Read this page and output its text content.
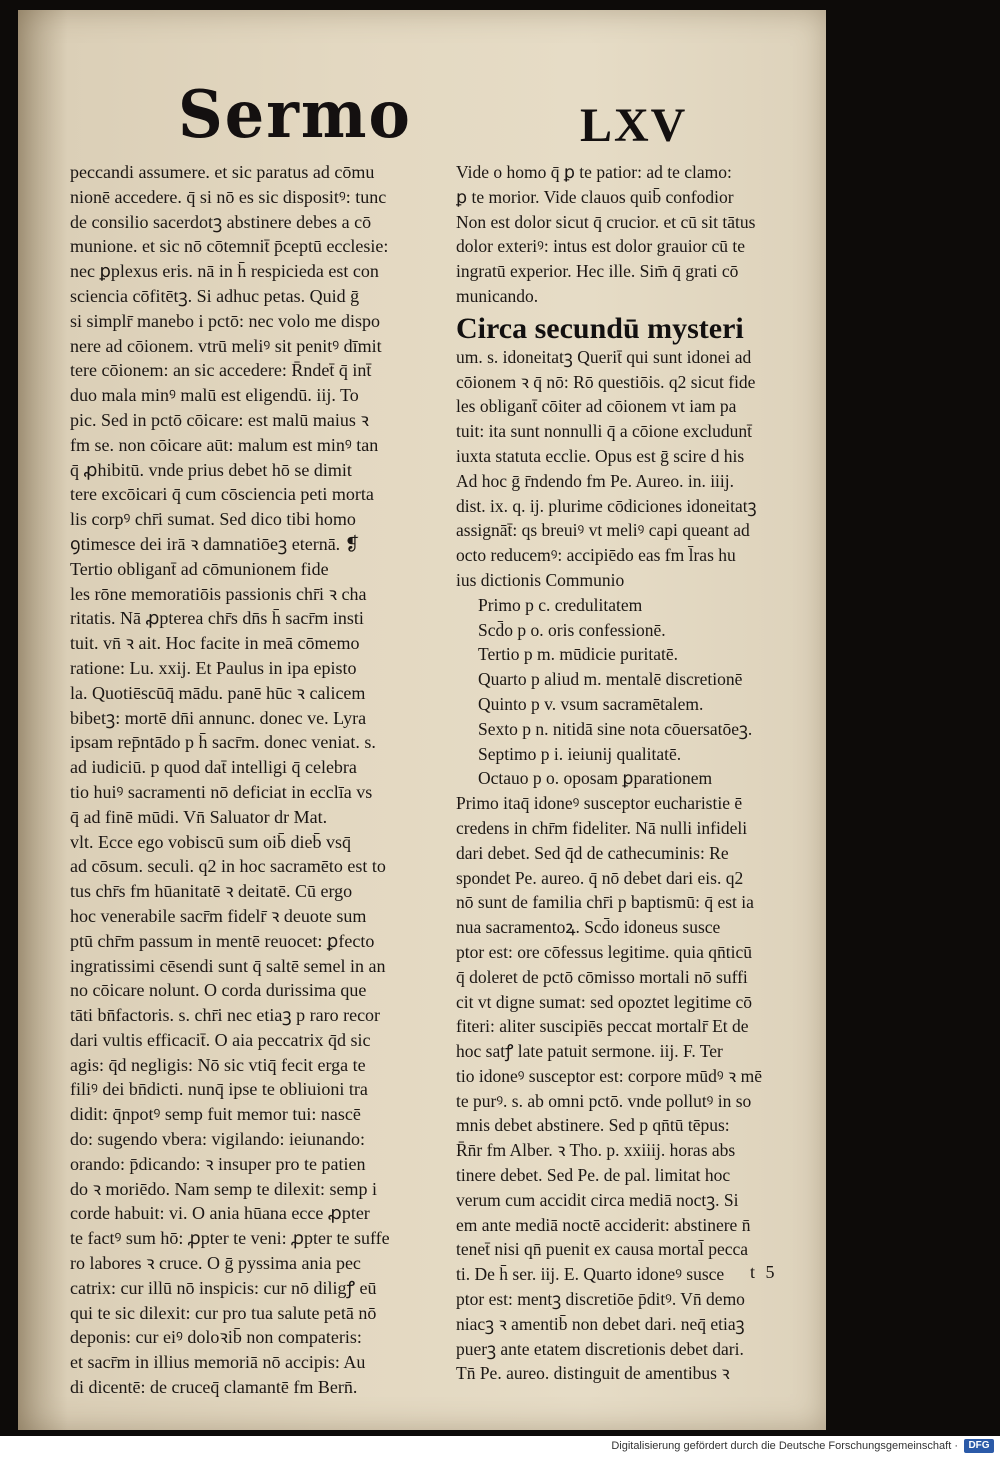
Sermo	LXV
peccandi assumere. et sic paratus ad cōmu
nionē accedere. q̄ si nō es sic dispositꝰ: tunc
de consilio sacerdotꝫ abstinere debes a cō
munione. et sic nō cōtemnit̄ p̄ceptū ecclesie:
nec ꝑplexus eris. nā in h̄ respicieda est con
sciencia cōfitētꝫ. Si adhuc petas. Quid ḡ
si simplr̄ manebo i pctō: nec volo me dispo
nere ad cōionem. vtrū meliꝰ sit penitꝰ dīmit
tere cōionem: an sic accedere: R̄ndet̄ q̄ int̄
duo mala minꝰ malū est eligendū. iij. To
pic. Sed in pctō cōicare: est malū maius ꝛ
fm se. non cōicare aūt: malum est minꝰ tan
q̄ ꝓhibitū. vnde prius debet hō se dimit
tere excōicari q̄ cum cōsciencia peti morta
lis corpꝰ chr̄i sumat. Sed dico tibi homo
ꝯtimesce dei irā ꝛ damnatiōeꝫ eternā. ❡
Tertio obligant̄ ad cōmunionem fide
les rōne memoratiōis passionis chr̄i ꝛ cha
ritatis. Nā ꝓpterea chr̄s dn̄s h̄ sacr̄m insti
tuit. vn̄ ꝛ ait. Hoc facite in meā cōmemo
ratione: Lu. xxij. Et Paulus in ipa episto
la. Quotiēscūq̄ mādu. panē hūc ꝛ calicem
bibetꝫ: mortē dn̄i annunc. donec ve. Lyra
ipsam rep̄ntādo p h̄ sacr̄m. donec veniat. s.
ad iudiciū. p quod dat̄ intelligi q̄ celebra
tio huiꝰ sacramenti nō deficiat in ecclīa vs
q̄ ad finē mūdi. Vn̄ Saluator dr Mat.
vlt. Ecce ego vobiscū sum oib̄ dieb̄ vsq̄
ad cōsum. seculi. q2 in hoc sacramēto est to
tus chr̄s fm hūanitatē ꝛ deitatē. Cū ergo
hoc venerabile sacr̄m fidelr̄ ꝛ deuote sum
ptū chr̄m passum in mentē reuocet: ꝑfecto
ingratissimi cēsendi sunt q̄ saltē semel in an
no cōicare nolunt. O corda durissima que
tāti bn̄factoris. s. chr̄i nec etiaꝫ p raro recor
dari vultis efficacit̄. O aia peccatrix q̄d sic
agis: q̄d negligis: Nō sic vtiq̄ fecit erga te
filiꝰ dei bn̄dicti. nunq̄ ipse te obliuioni tra
didit: q̄npotꝰ semp fuit memor tui: nascē
do: sugendo vbera: vigilando: ieiunando:
orando: p̄dicando: ꝛ insuper pro te patien
do ꝛ moriēdo. Nam semp te dilexit: semp i
corde habuit: vi. O ania hūana ecce ꝓpter
te factꝰ sum hō: ꝓpter te veni: ꝓpter te suffe
ro labores ꝛ cruce. O ḡ pyssima ania pec
catrix: cur illū nō inspicis: cur nō diligꝭ eū
qui te sic dilexit: cur pro tua salute petā nō
deponis: cur eiꝰ doloꝛib̄ non compateris:
et sacr̄m in illius memoriā nō accipis: Au
di dicentē: de cruceq̄ clamantē fm Bern̄.
Vide o homo q̄ ꝑ te patior: ad te clamo:
ꝑ te morior. Vide clauos quib̄ confodior
Non est dolor sicut q̄ crucior. et cū sit tātus
dolor exteriꝰ: intus est dolor grauior cū te
ingratū experior. Hec ille. Sim̄ q̄ grati cō
municando.
Circa secundū mysteri
um. s. idoneitatꝫ Querit̄ qui sunt idonei ad
cōionem ꝛ q̄ nō: Rō questiōis. q2 sicut fide
les obligant̄ cōiter ad cōionem vt iam pa
tuit: ita sunt nonnulli q̄ a cōione excludunt̄
iuxta statuta ecclie. Opus est ḡ scire d his
Ad hoc ḡ r̄ndendo fm Pe. Aureo. in. iiij.
dist. ix. q. ij. plurime cōdiciones idoneitatꝫ
assignāt̄: qs breuiꝰ vt meliꝰ capi queant ad
octo reducemꝰ: accipiēdo eas fm l̄ras hu
ius dictionis Communio
Primo p c. credulitatem
Scd̄o p o. oris confessionē.
Tertio p m. mūdicie puritatē.
Quarto p aliud m. mentalē discretionē
Quinto p v. vsum sacramētalem.
Sexto p n. nitidā sine nota cōuersatōeꝫ.
Septimo p i. ieiunij qualitatē.
Octauo p o. oposam ꝑparationem
Primo itaq̄ idoneꝰ susceptor eucharistie ē
credens in chr̄m fideliter. Nā nulli infideli
dari debet. Sed q̄d de cathecuminis: Re
spondet Pe. aureo. q̄ nō debet dari eis. q2
nō sunt de familia chr̄i p baptismū: q̄ est ia
nua sacramentoꝝ. Scd̄o idoneus susce
ptor est: ore cōfessus legitime. quia qn̄ticū
q̄ doleret de pctō cōmisso mortali nō suffi
cit vt digne sumat: sed opoztet legitime cō
fiteri: aliter suscipiēs peccat mortalr̄ Et de
hoc satꝭ late patuit sermone. iij. F. Ter
tio idoneꝰ susceptor est: corpore mūdꝰ ꝛ mē
te purꝰ. s. ab omni pctō. vnde pollutꝰ in so
mnis debet abstinere. Sed p qn̄tū tēpus:
R̄n̄r fm Alber. ꝛ Tho. p. xxiiij. horas abs
tinere debet. Sed Pe. de pal. limitat hoc
verum cum accidit circa mediā noctꝫ. Si
em ante mediā noctē acciderit: abstinere n̄
tenet̄ nisi qn̄ puenit ex causa mortal̄ pecca
ti. De h̄ ser. iij. E. Quarto idoneꝰ susce
ptor est: mentꝫ discretiōe p̄ditꝰ. Vn̄ demo
niacꝫ ꝛ amentib̄ non debet dari. neq̄ etiaꝫ
puerꝫ ante etatem discretionis debet dari.
Tn̄ Pe. aureo. distinguit de amentibus ꝛ
t 5
Digitalisierung gefördert durch die Deutsche Forschungsgemeinschaft ·	DFG
